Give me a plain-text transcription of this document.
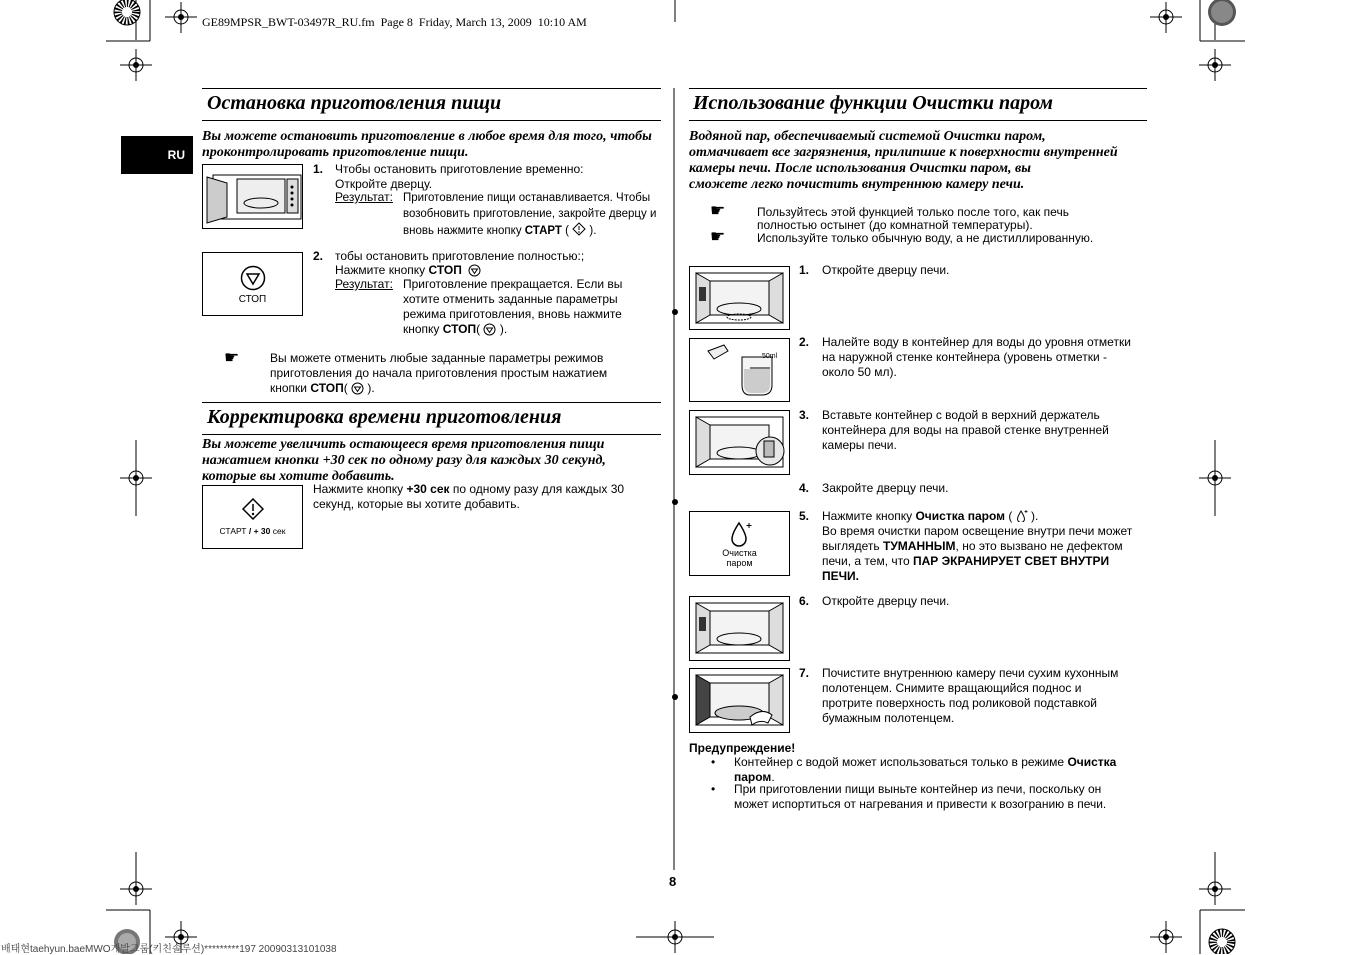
GE89MPSR_BWT-03497R_RU.fm  Page 8  Friday, March 13, 2009  10:10 AM
RU
Остановка приготовления пищи
Вы можете остановить приготовление в любое время для того, чтобы проконтролировать приготовление пищи.
1. Чтобы остановить приготовление временно:
Откройте дверцу.
Результат: Приготовление пищи останавливается. Чтобы
возобновить приготовление, закройте дверцу и
вновь нажмите кнопку СТАРТ (
).
СТОП
2. тобы остановить приготовление полностью:;
Нажмите кнопку СТОП
Результат: Приготовление прекращается. Если вы
хотите отменить заданные параметры
режима приготовления, вновь нажмите
кнопку СТОП(
).
☛	Вы можете отменить любые заданные параметры режимов
приготовления до начала приготовления простым нажатием
кнопки СТОП(
).
Корректировка времени приготовления
Вы можете увеличить остающееся время приготовления пищи
нажатием кнопки +30 сек по одному разу для каждых 30 секунд,
которые вы хотите добавить.
СТАРТ / + 30 сек
Нажмите кнопку +30 сек по одному разу для каждых 30
секунд, которые вы хотите добавить.
Использование функции Очистки паром
Водяной пар, обеспечиваемый системой Очистки паром,
отмачивает все загрязнения, прилипшие к поверхности внутренней
камеры печи. После использования Очистки паром, вы
сможете легко почистить внутреннюю камеру печи.
☛
☛
Пользуйтесь этой функцией только после того, как печь
полностью остынет (до комнатной температуры).
Используйте только обычную воду, а не дистиллированную.
50ml
Очистка
паром
1. Откройте дверцу печи.
2. Налейте воду в контейнер для воды до уровня отметки
на наружной стенке контейнера (уровень отметки -
около 50 мл).
3. Вставьте контейнер с водой в верхний держатель
контейнера для воды на правой стенке внутренней
камеры печи.
4. Закройте дверцу печи.
5. Нажмите кнопку Очистка паром (
).
Во время очистки паром освещение внутри печи может
выглядеть ТУМАННЫМ, но это вызвано не дефектом
печи, а тем, что ПАР ЭКРАНИРУЕТ СВЕТ ВНУТРИ
ПЕЧИ.
6. Откройте дверцу печи.
7. Почистите внутреннюю камеру печи сухим кухонным
полотенцем. Снимите вращающийся поднос и
протрите поверхность под роликовой подставкой
бумажным полотенцем.
Предупреждение!
• Контейнер с водой может использоваться только в режиме Очистка
паром.
• При приготовлении пищи выньте контейнер из печи, поскольку он
может испортиться от нагревания и привести к возогранию в печи.
8
배태현taehyun.baeMWO개발그룹(키친솔루션)*********197 20090313101038
